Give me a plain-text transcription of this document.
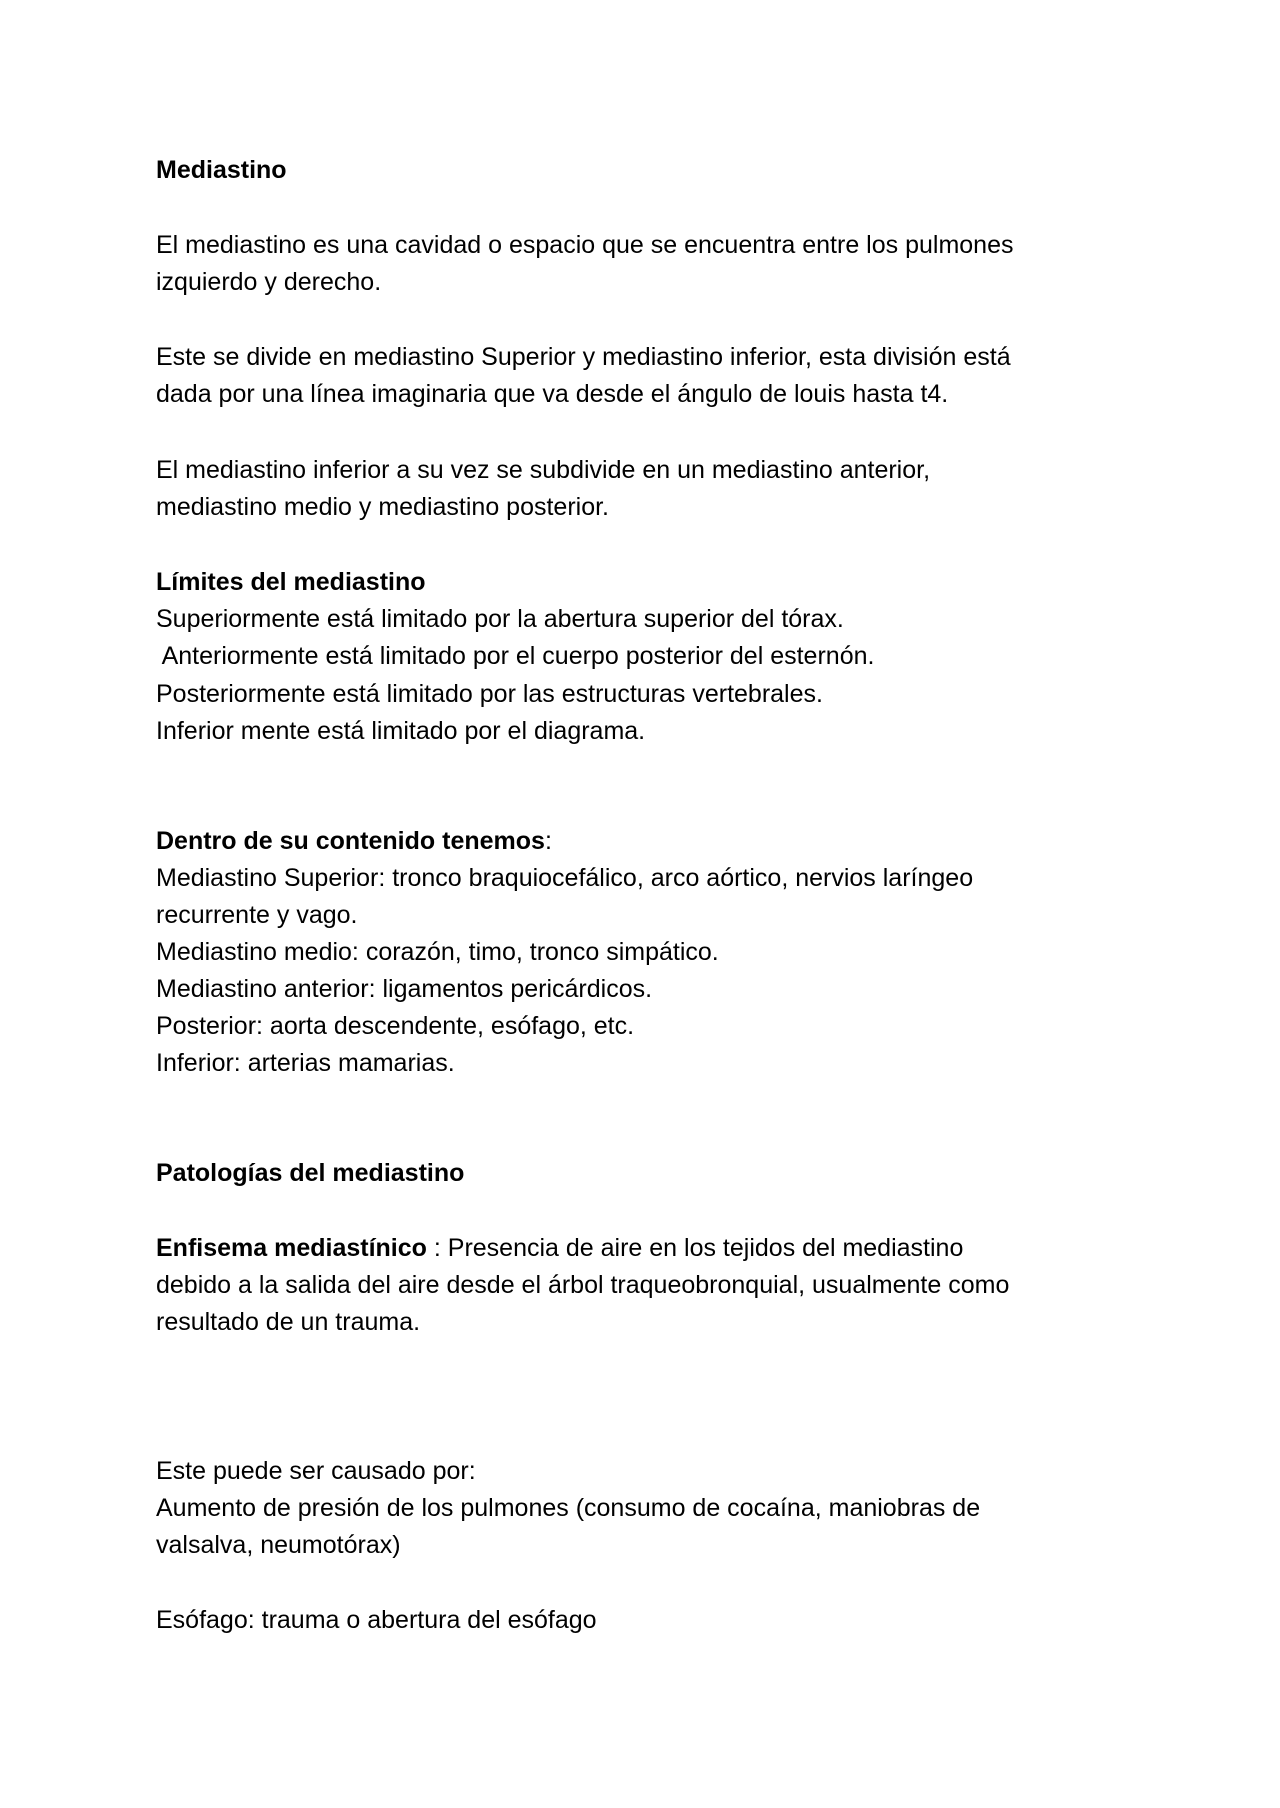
Mediastino

El mediastino es una cavidad o espacio que se encuentra entre los pulmones

izquierdo y derecho.

Este se divide en mediastino Superior y mediastino inferior, esta división está

dada por una línea imaginaria que va desde el ángulo de louis hasta t4.

El mediastino inferior a su vez se subdivide en un mediastino anterior,

mediastino medio y mediastino posterior.

Límites del mediastino

Superiormente está limitado por la abertura superior del tórax.

Anteriormente está limitado por el cuerpo posterior del esternón.

Posteriormente está limitado por las estructuras vertebrales.

Inferior mente está limitado por el diagrama.

Dentro de su contenido tenemos:

Mediastino Superior: tronco braquiocefálico, arco aórtico, nervios laríngeo

recurrente y vago.

Mediastino medio: corazón, timo, tronco simpático.

Mediastino anterior: ligamentos pericárdicos.

Posterior: aorta descendente, esófago, etc.

Inferior: arterias mamarias.

Patologías del mediastino

Enfisema mediastínico : Presencia de aire en los tejidos del mediastino

debido a la salida del aire desde el árbol traqueobronquial, usualmente como

resultado de un trauma.

Este puede ser causado por:

Aumento de presión de los pulmones (consumo de cocaína, maniobras de

valsalva, neumotórax)

Esófago: trauma o abertura del esófago
